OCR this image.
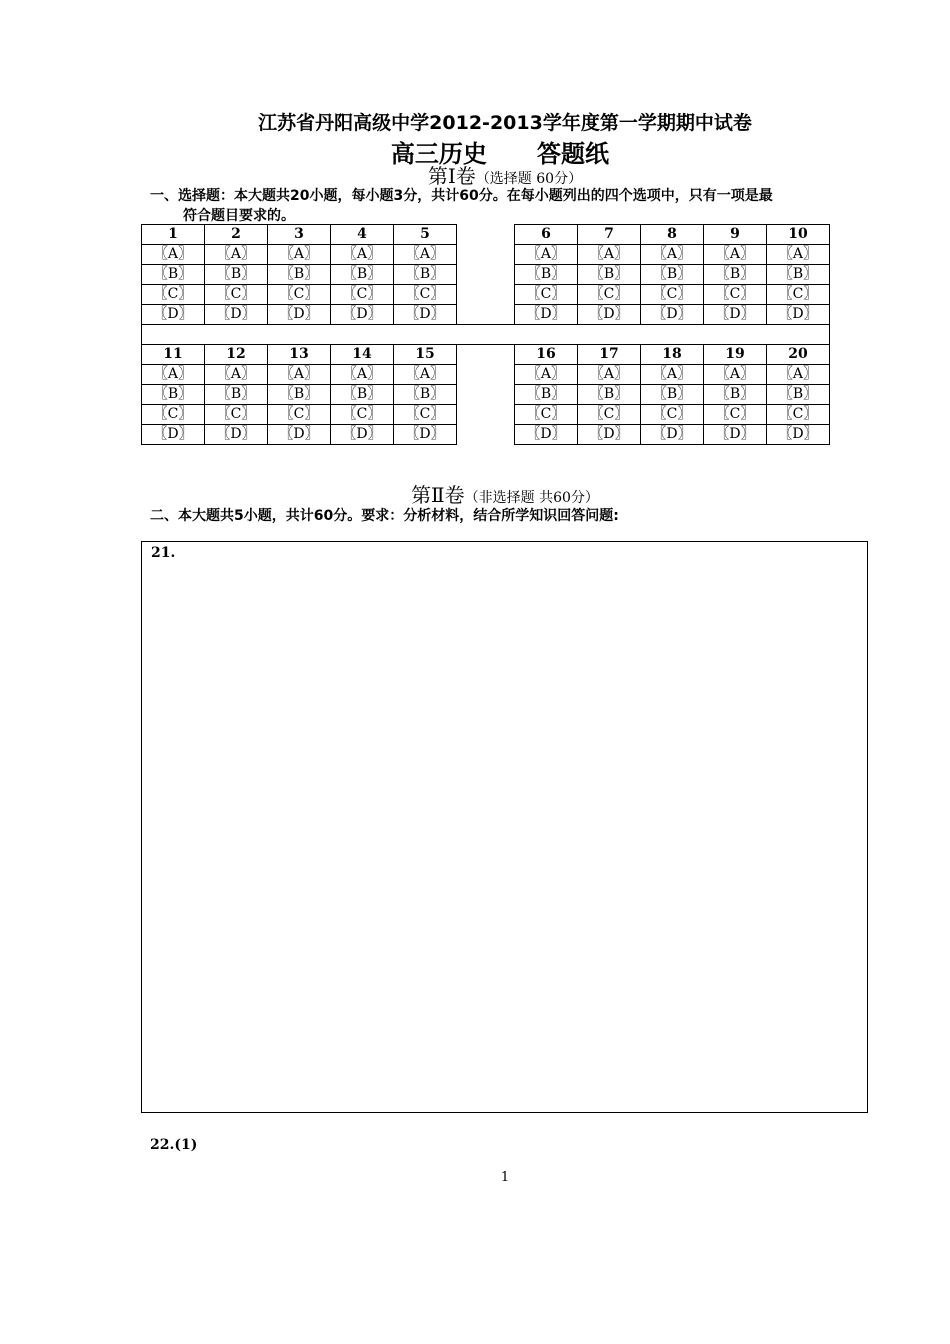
江苏省丹阳高级中学2012-2013学年度第一学期期中试卷
高三历史      答题纸
第Ⅰ卷（选择题 60分）
一、选择题：本大题共20小题，每小题3分，共计60分。在每小题列出的四个选项中，只有一项是最
符合题目要求的。
1	2	3	4	5		6	7	8	9	10
〖A〗	〖A〗	〖A〗	〖A〗	〖A〗		〖A〗	〖A〗	〖A〗	〖A〗	〖A〗
〖B〗	〖B〗	〖B〗	〖B〗	〖B〗		〖B〗	〖B〗	〖B〗	〖B〗	〖B〗
〖C〗	〖C〗	〖C〗	〖C〗	〖C〗		〖C〗	〖C〗	〖C〗	〖C〗	〖C〗
〖D〗	〖D〗	〖D〗	〖D〗	〖D〗		〖D〗	〖D〗	〖D〗	〖D〗	〖D〗

11	12	13	14	15		16	17	18	19	20
〖A〗	〖A〗	〖A〗	〖A〗	〖A〗		〖A〗	〖A〗	〖A〗	〖A〗	〖A〗
〖B〗	〖B〗	〖B〗	〖B〗	〖B〗		〖B〗	〖B〗	〖B〗	〖B〗	〖B〗
〖C〗	〖C〗	〖C〗	〖C〗	〖C〗		〖C〗	〖C〗	〖C〗	〖C〗	〖C〗
〖D〗	〖D〗	〖D〗	〖D〗	〖D〗		〖D〗	〖D〗	〖D〗	〖D〗	〖D〗
第Ⅱ卷（非选择题 共60分）
二、本大题共5小题，共计60分。要求：分析材料，结合所学知识回答问题:
21.
22.(1)
1
